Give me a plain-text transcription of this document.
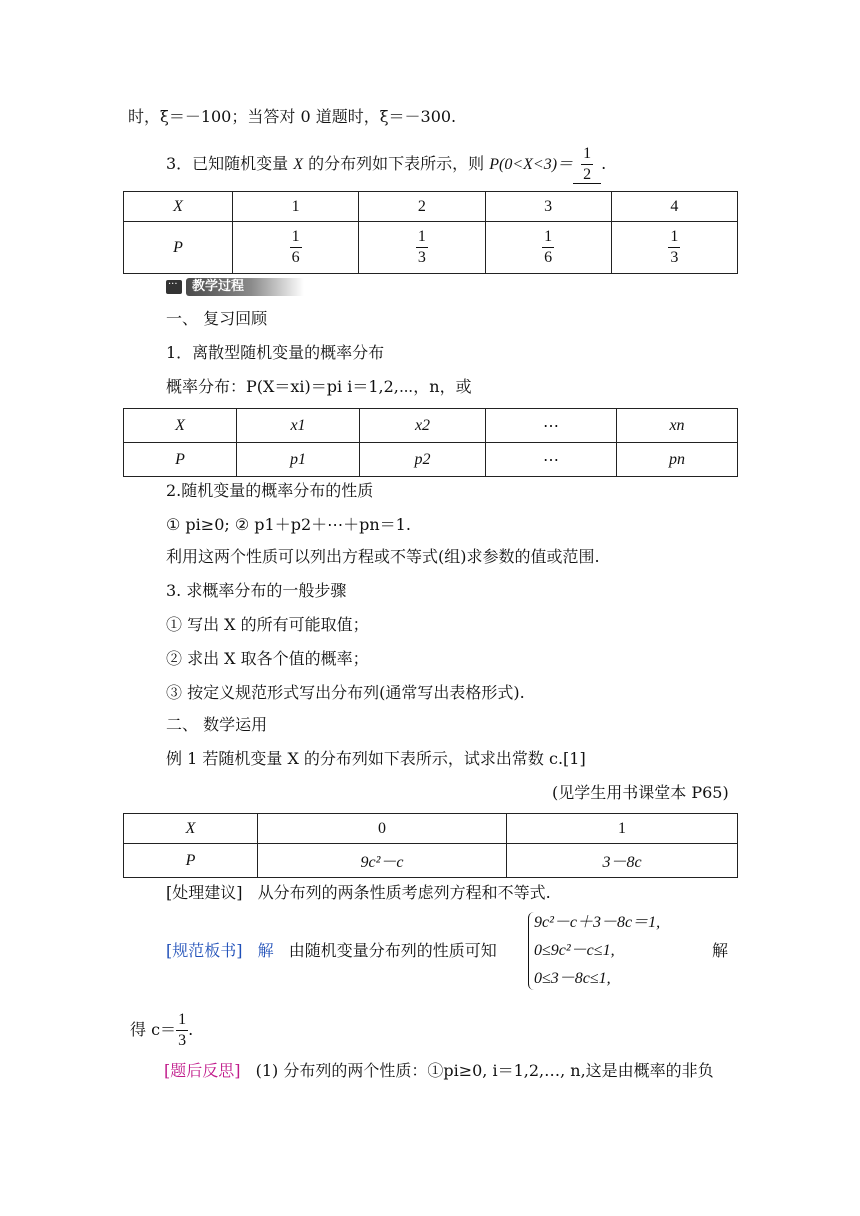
时，ξ＝－100；当答对 0 道题时，ξ＝－300.
3．已知随机变量 X 的分布列如下表所示，则 $P(0<X<3)= \frac{1}{2}$ .
X	1	2	3	4
P	$\frac{1}{6}$	$\frac{1}{3}$	$\frac{1}{6}$	$\frac{1}{3}$
···
教学过程
一、 复习回顾
1．离散型随机变量的概率分布
概率分布：P(X＝xi)＝pi i＝1,2,⋯，n，或
X	x1	x2	⋯	xn
P	p1	p2	⋯	pn
2.随机变量的概率分布的性质
① pi≥0; ② p1＋p2＋⋯＋pn＝1.
利用这两个性质可以列出方程或不等式(组)求参数的值或范围.
3. 求概率分布的一般步骤
① 写出 X 的所有可能取值；
② 求出 X 取各个值的概率；
③ 按定义规范形式写出分布列(通常写出表格形式).
二、 数学运用
例 1 若随机变量 X 的分布列如下表所示，试求出常数 c.[1]
(见学生用书课堂本 P65)
X	0	1
P	9c²－c	3－8c
[处理建议] 从分布列的两条性质考虑列方程和不等式.
[规范板书] 解 由随机变量分布列的性质可知
9c²－c＋3－8c＝1,
0≤9c²－c≤1,
0≤3－8c≤1,
解
得 $c= \frac{1}{3}$ .
[题后反思] (1) 分布列的两个性质：①pi≥0, i＝1,2,…, n,这是由概率的非负
